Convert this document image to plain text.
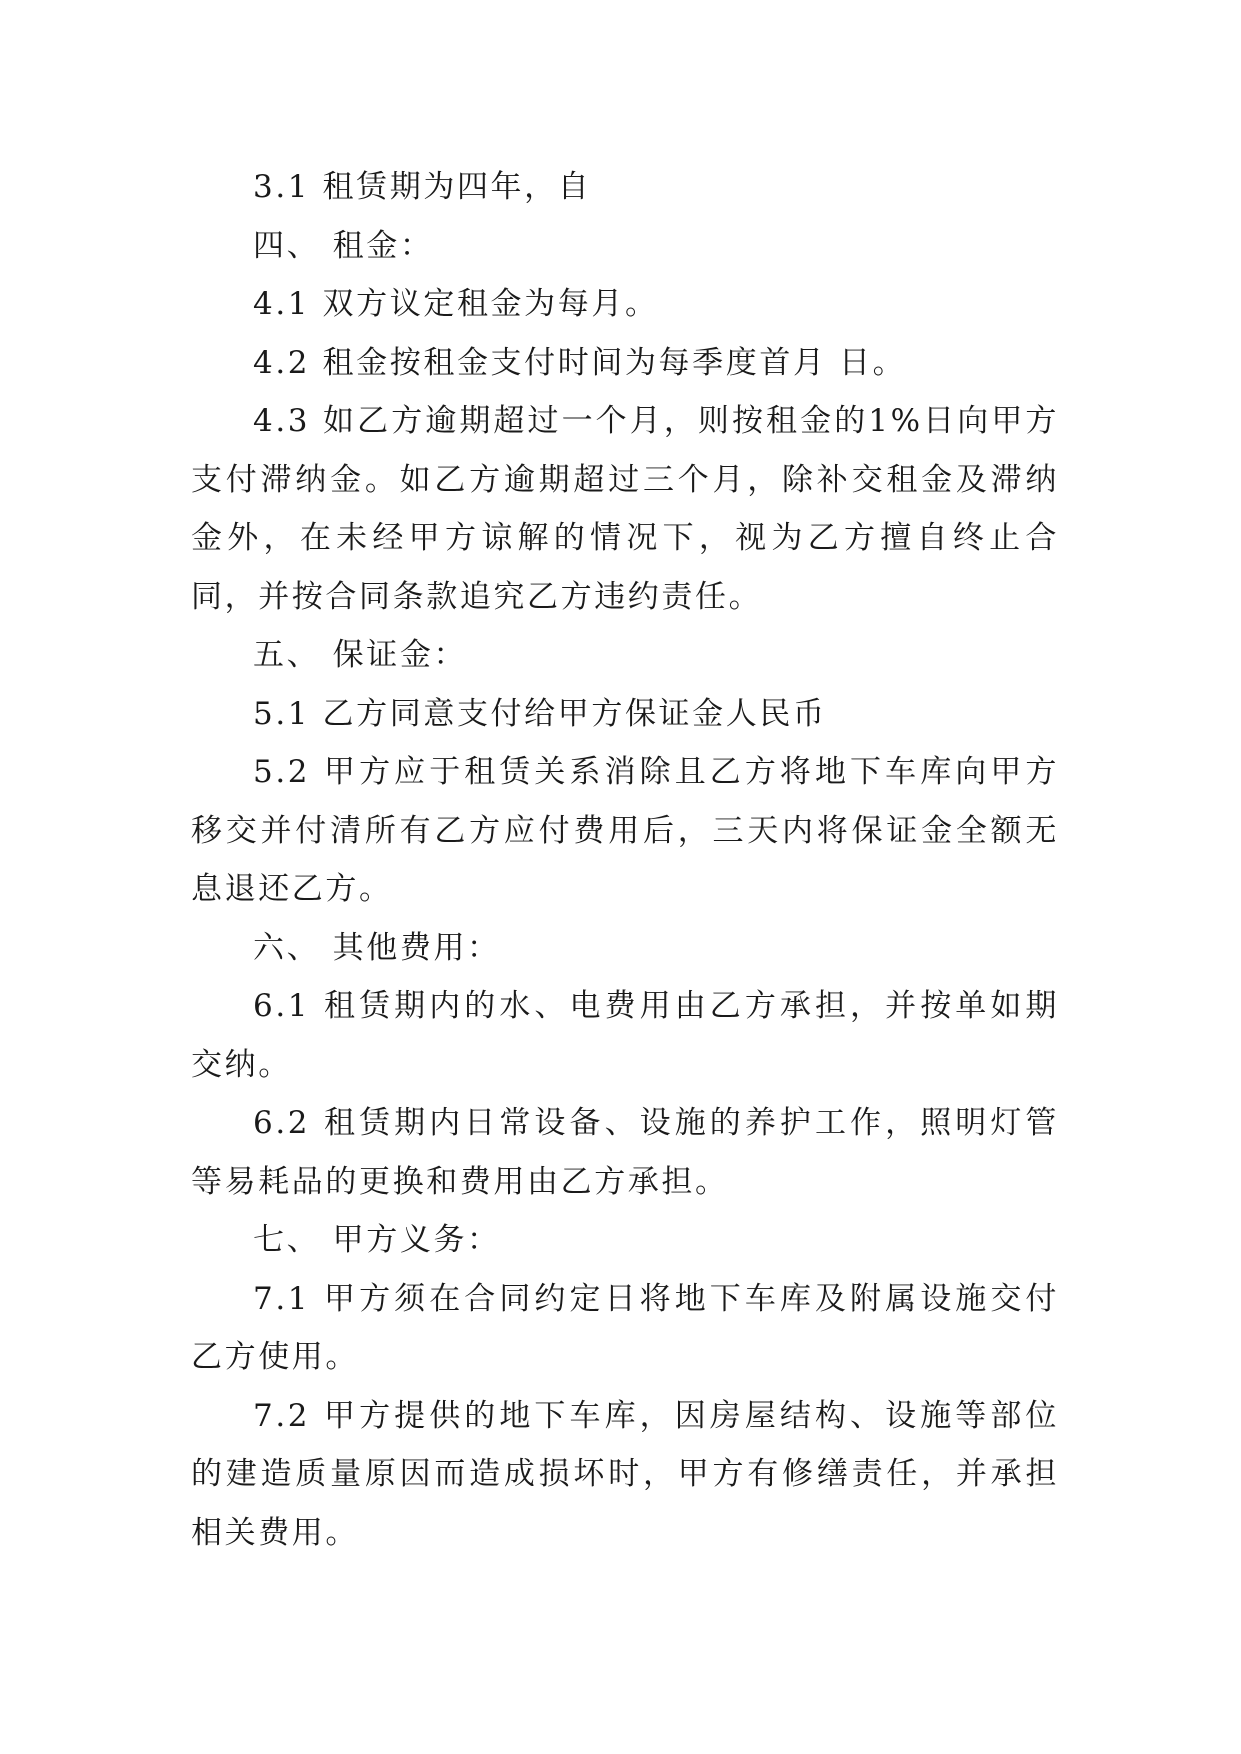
3.1 租赁期为四年，自

四、 租金：

4.1 双方议定租金为每月。

4.2 租金按租金支付时间为每季度首月 日。

4.3 如乙方逾期超过一个月，则按租金的1%日向甲方支付滞纳金。如乙方逾期超过三个月，除补交租金及滞纳金外，在未经甲方谅解的情况下，视为乙方擅自终止合同，并按合同条款追究乙方违约责任。

五、 保证金：

5.1 乙方同意支付给甲方保证金人民币

5.2 甲方应于租赁关系消除且乙方将地下车库向甲方移交并付清所有乙方应付费用后，三天内将保证金全额无息退还乙方。

六、 其他费用：

6.1 租赁期内的水、电费用由乙方承担，并按单如期交纳。

6.2 租赁期内日常设备、设施的养护工作，照明灯管等易耗品的更换和费用由乙方承担。

七、 甲方义务：

7.1 甲方须在合同约定日将地下车库及附属设施交付乙方使用。

7.2 甲方提供的地下车库，因房屋结构、设施等部位的建造质量原因而造成损坏时，甲方有修缮责任，并承担相关费用。
